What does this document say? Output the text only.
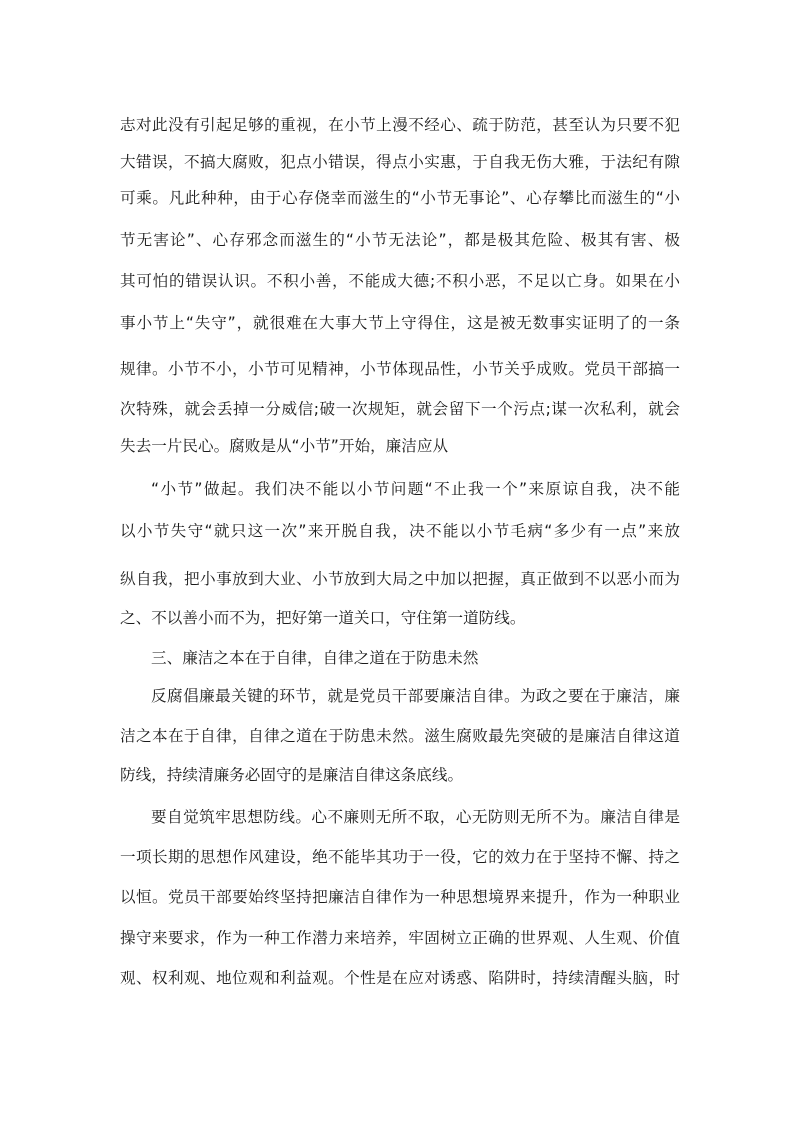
志对此没有引起足够的重视，在小节上漫不经心、疏于防范，甚至认为只要不犯
大错误，不搞大腐败，犯点小错误，得点小实惠，于自我无伤大雅，于法纪有隙
可乘。凡此种种，由于心存侥幸而滋生的“小节无事论”、心存攀比而滋生的“小
节无害论”、心存邪念而滋生的“小节无法论”，都是极其危险、极其有害、极
其可怕的错误认识。不积小善，不能成大德;不积小恶，不足以亡身。如果在小
事小节上“失守”，就很难在大事大节上守得住，这是被无数事实证明了的一条
规律。小节不小，小节可见精神，小节体现品性，小节关乎成败。党员干部搞一
次特殊，就会丢掉一分威信;破一次规矩，就会留下一个污点;谋一次私利，就会
失去一片民心。腐败是从“小节”开始，廉洁应从
“小节”做起。我们决不能以小节问题“不止我一个”来原谅自我，决不能
以小节失守“就只这一次”来开脱自我，决不能以小节毛病“多少有一点”来放
纵自我，把小事放到大业、小节放到大局之中加以把握，真正做到不以恶小而为
之、不以善小而不为，把好第一道关口，守住第一道防线。
三、廉洁之本在于自律，自律之道在于防患未然
反腐倡廉最关键的环节，就是党员干部要廉洁自律。为政之要在于廉洁，廉
洁之本在于自律，自律之道在于防患未然。滋生腐败最先突破的是廉洁自律这道
防线，持续清廉务必固守的是廉洁自律这条底线。
要自觉筑牢思想防线。心不廉则无所不取，心无防则无所不为。廉洁自律是
一项长期的思想作风建设，绝不能毕其功于一役，它的效力在于坚持不懈、持之
以恒。党员干部要始终坚持把廉洁自律作为一种思想境界来提升，作为一种职业
操守来要求，作为一种工作潜力来培养，牢固树立正确的世界观、人生观、价值
观、权利观、地位观和利益观。个性是在应对诱惑、陷阱时，持续清醒头脑，时
